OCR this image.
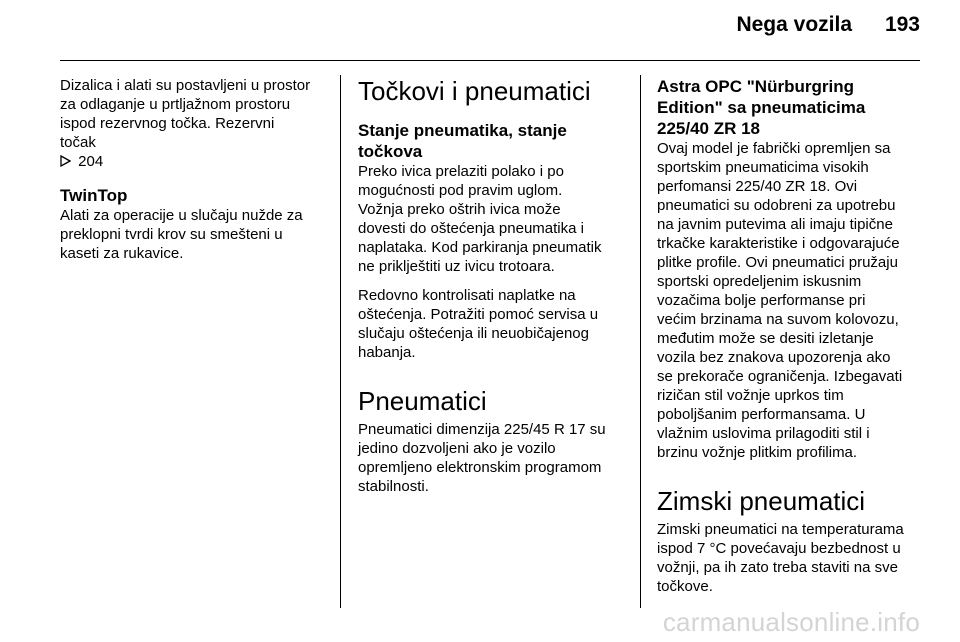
Nega vozila 193

Dizalica i alati su postavljeni u prostor
za odlaganje u prtljažnom prostoru
ispod rezervnog točka. Rezervni
točak
204

TwinTop

Alati za operacije u slučaju nužde za
preklopni tvrdi krov su smešteni u
kaseti za rukavice.

Točkovi i pneumatici
Stanje pneumatika, stanje
točkova

Preko ivica prelaziti polako i po
mogućnosti pod pravim uglom.
Vožnja preko oštrih ivica može
dovesti do oštećenja pneumatika i
naplataka. Kod parkiranja pneumatik
ne priklještiti uz ivicu trotoara.

Redovno kontrolisati naplatke na
oštećenja. Potražiti pomoć servisa u
slučaju oštećenja ili neuobičajenog
habanja.

Pneumatici

Pneumatici dimenzija 225/45 R 17 su
jedino dozvoljeni ako je vozilo
opremljeno elektronskim programom
stabilnosti.

Astra OPC "Nürburgring
Edition" sa pneumaticima
225/40 ZR 18

Ovaj model je fabrički opremljen sa
sportskim pneumaticima visokih
perfomansi 225/40 ZR 18. Ovi
pneumatici su odobreni za upotrebu
na javnim putevima ali imaju tipične
trkačke karakteristike i odgovarajuće
plitke profile. Ovi pneumatici pružaju
sportski opredeljenim iskusnim
vozačima bolje performanse pri
većim brzinama na suvom kolovozu,
međutim može se desiti izletanje
vozila bez znakova upozorenja ako
se prekorače ograničenja. Izbegavati
rizičan stil vožnje uprkos tim
poboljšanim performansama. U
vlažnim uslovima prilagoditi stil i
brzinu vožnje plitkim profilima.

Zimski pneumatici

Zimski pneumatici na temperaturama
ispod 7 °C povećavaju bezbednost u
vožnji, pa ih zato treba staviti na sve
točkove.

carmanualsonline.info
